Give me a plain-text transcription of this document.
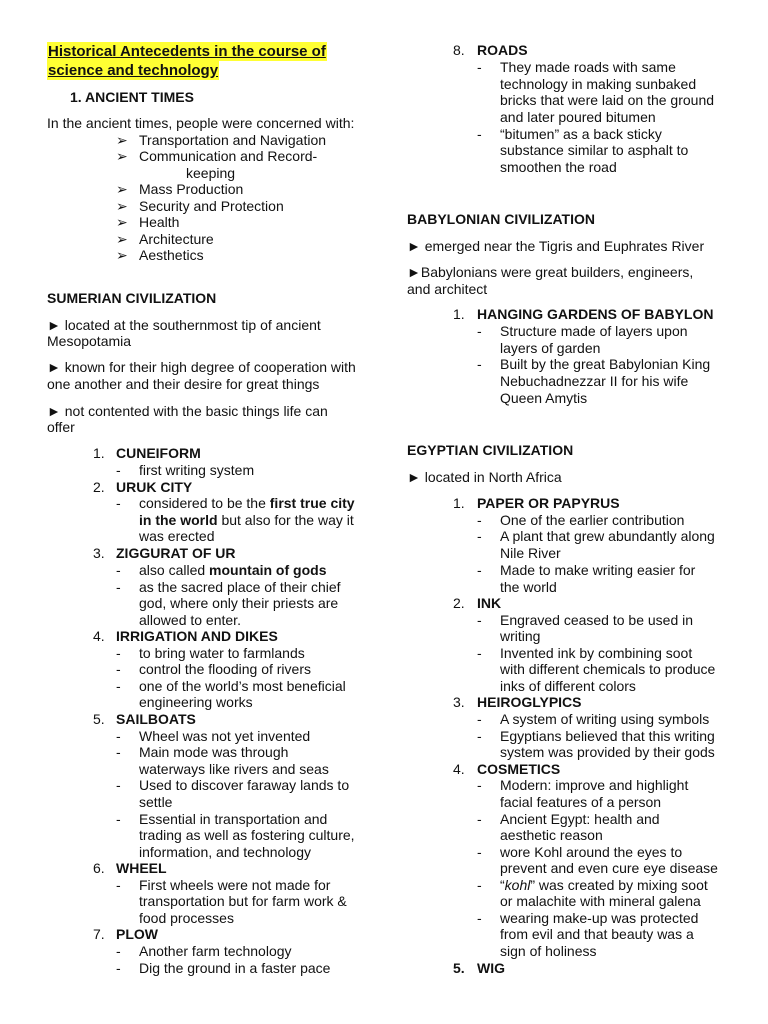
Historical Antecedents in the course of
science and technology
1. ANCIENT TIMES
In the ancient times, people were concerned with:
➢ Transportation and Navigation
➢ Communication and Record-
keeping
➢ Mass Production
➢ Security and Protection
➢ Health
➢ Architecture
➢ Aesthetics
SUMERIAN CIVILIZATION
► located at the southernmost tip of ancient
Mesopotamia
► known for their high degree of cooperation with
one another and their desire for great things
► not contented with the basic things life can
offer
1. CUNEIFORM
- first writing system
2. URUK CITY
- considered to be the first true city
in the world but also for the way it
was erected
3. ZIGGURAT OF UR
- also called mountain of gods
- as the sacred place of their chief
god, where only their priests are
allowed to enter.
4. IRRIGATION AND DIKES
- to bring water to farmlands
- control the flooding of rivers
- one of the world’s most beneficial
engineering works
5. SAILBOATS
- Wheel was not yet invented
- Main mode was through
waterways like rivers and seas
- Used to discover faraway lands to
settle
- Essential in transportation and
trading as well as fostering culture,
information, and technology
6. WHEEL
- First wheels were not made for
transportation but for farm work &
food processes
7. PLOW
- Another farm technology
- Dig the ground in a faster pace
8. ROADS
- They made roads with same
technology in making sunbaked
bricks that were laid on the ground
and later poured bitumen
- “bitumen” as a back sticky
substance similar to asphalt to
smoothen the road
BABYLONIAN CIVILIZATION
► emerged near the Tigris and Euphrates River
►Babylonians were great builders, engineers,
and architect
1. HANGING GARDENS OF BABYLON
- Structure made of layers upon
layers of garden
- Built by the great Babylonian King
Nebuchadnezzar II for his wife
Queen Amytis
EGYPTIAN CIVILIZATION
► located in North Africa
1. PAPER OR PAPYRUS
- One of the earlier contribution
- A plant that grew abundantly along
Nile River
- Made to make writing easier for
the world
2. INK
- Engraved ceased to be used in
writing
- Invented ink by combining soot
with different chemicals to produce
inks of different colors
3. HEIROGLYPICS
- A system of writing using symbols
- Egyptians believed that this writing
system was provided by their gods
4. COSMETICS
- Modern: improve and highlight
facial features of a person
- Ancient Egypt: health and
aesthetic reason
- wore Kohl around the eyes to
prevent and even cure eye disease
- “kohl” was created by mixing soot
or malachite with mineral galena
- wearing make-up was protected
from evil and that beauty was a
sign of holiness
5. WIG
